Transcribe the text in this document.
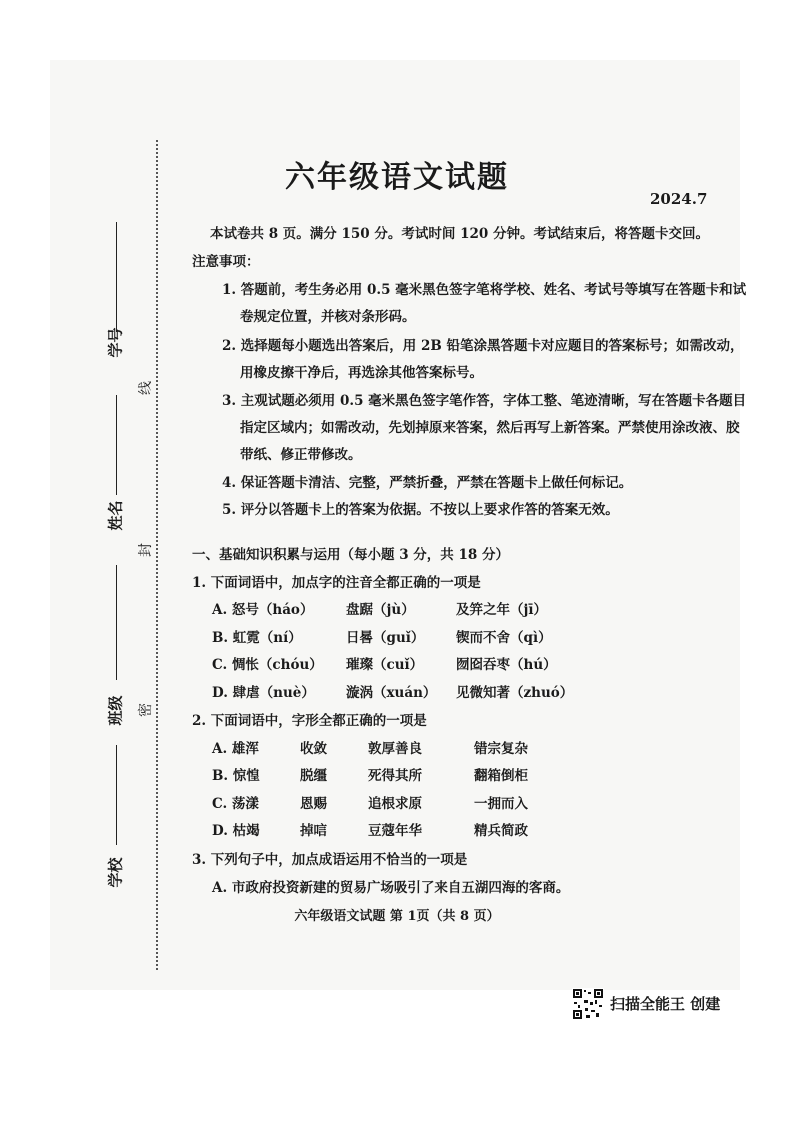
学号
姓名
班级
学校
线
封
密
六年级语文试题
2024.7
本试卷共 8 页。满分 150 分。考试时间 120 分钟。考试结束后，将答题卡交回。
注意事项：
1. 答题前，考生务必用 0.5 毫米黑色签字笔将学校、姓名、考试号等填写在答题卡和试
卷规定位置，并核对条形码。
2. 选择题每小题选出答案后，用 2B 铅笔涂黑答题卡对应题目的答案标号；如需改动，
用橡皮擦干净后，再选涂其他答案标号。
3. 主观试题必须用 0.5 毫米黑色签字笔作答，字体工整、笔迹清晰，写在答题卡各题目
指定区域内；如需改动，先划掉原来答案，然后再写上新答案。严禁使用涂改液、胶
带纸、修正带修改。
4. 保证答题卡清洁、完整，严禁折叠，严禁在答题卡上做任何标记。
5. 评分以答题卡上的答案为依据。不按以上要求作答的答案无效。
一、基础知识积累与运用（每小题 3 分，共 18 分）
1. 下面词语中，加点字的注音全都正确的一项是
A. 怒号（háo） 盘踞（jù）	及笄之年（jī）
B. 虹霓（ní）	日晷（guǐ） 锲而不舍（qì）
C. 惆怅（chóu） 璀璨（cuǐ） 囫囵吞枣（hú）
D. 肆虐（nuè） 漩涡（xuán） 见微知著（zhuó）
2. 下面词语中，字形全都正确的一项是
A. 雄浑	收敛	敦厚善良	错宗复杂
B. 惊惶	脱缰	死得其所	翻箱倒柜
C. 荡漾	恩赐	追根求原	一拥而入
D. 枯竭	掉唁	豆蔻年华	精兵简政
3. 下列句子中，加点成语运用不恰当的一项是
A. 市政府投资新建的贸易广场吸引了来自五湖四海的客商。
六年级语文试题 第 1页（共 8 页）
扫描全能王 创建
